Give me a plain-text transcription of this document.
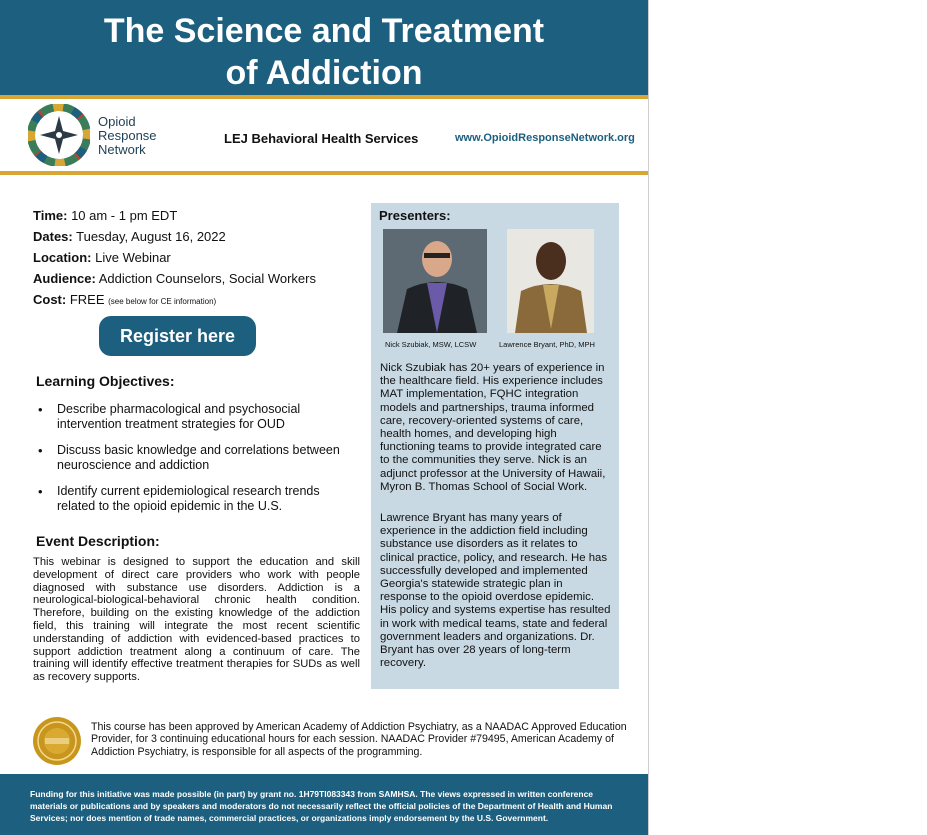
The Science and Treatment
of Addiction
Opioid
Response
Network
LEJ Behavioral Health Services	www.OpioidResponseNetwork.org
Time: 10 am - 1 pm EDT
Dates: Tuesday, August 16, 2022
Location: Live Webinar
Audience: Addiction Counselors, Social Workers
Cost: FREE (see below for CE information)
Register here
Learning Objectives:
• Describe pharmacological and psychosocial intervention treatment strategies for OUD
• Discuss basic knowledge and correlations between neuroscience and addiction
• Identify current epidemiological research trends related to the opioid epidemic in the U.S.
Event Description:
This webinar is designed to support the education and skill development of direct care providers who work with people diagnosed with substance use disorders. Addiction is a neurological-biological-behavioral chronic health condition. Therefore, building on the existing knowledge of the addiction field, this training will integrate the most recent scientific understanding of addiction with evidenced-based practices to support addiction treatment along a continuum of care. The training will identify effective treatment therapies for SUDs as well as recovery supports.
Presenters:
Nick Szubiak, MSW, LCSW	Lawrence Bryant, PhD, MPH
Nick Szubiak has 20+ years of experience in the healthcare field. His experience includes MAT implementation, FQHC integration models and partnerships, trauma informed care, recovery-oriented systems of care, health homes, and developing high functioning teams to provide integrated care to the communities they serve. Nick is an adjunct professor at the University of Hawaii, Myron B. Thomas School of Social Work.
Lawrence Bryant has many years of experience in the addiction field including substance use disorders as it relates to clinical practice, policy, and research. He has successfully developed and implemented Georgia's statewide strategic plan in response to the opioid overdose epidemic. His policy and systems expertise has resulted in work with medical teams, state and federal government leaders and organizations. Dr. Bryant has over 28 years of long-term recovery.
This course has been approved by American Academy of Addiction Psychiatry, as a NAADAC Approved Education Provider, for 3 continuing educational hours for each session. NAADAC Provider #79495, American Academy of Addiction Psychiatry, is responsible for all aspects of the programming.
Funding for this initiative was made possible (in part) by grant no. 1H79TI083343 from SAMHSA. The views expressed in written conference materials or publications and by speakers and moderators do not necessarily reflect the official policies of the Department of Health and Human Services; nor does mention of trade names, commercial practices, or organizations imply endorsement by the U.S. Government.
